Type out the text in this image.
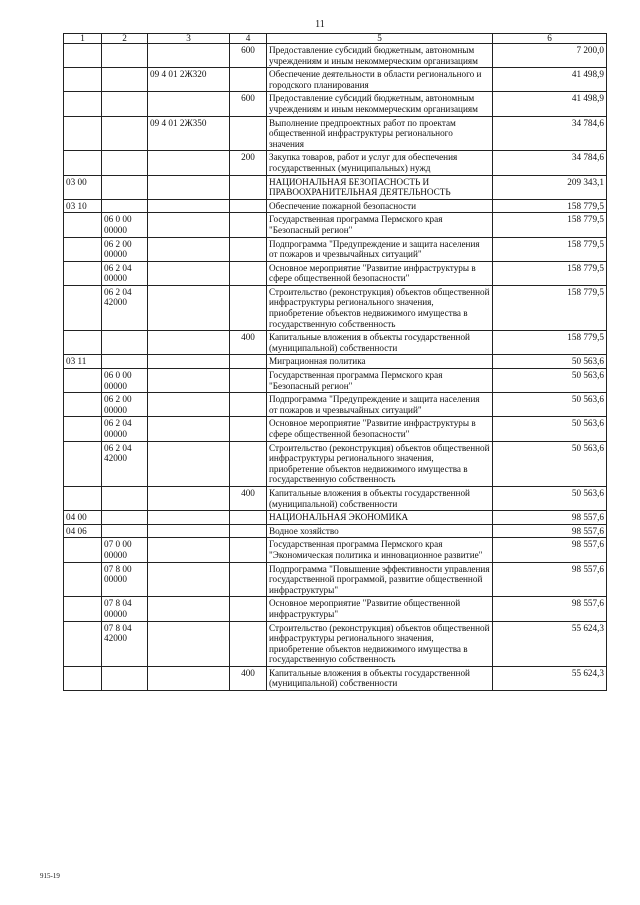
11
1	2	3	4	5	6
			600	Предоставление субсидий бюджетным, автономным учреждениям и иным некоммерческим организациям	7 200,0
		09 4 01 2Ж320		Обеспечение деятельности в области регионального и городского планирования	41 498,9
			600	Предоставление субсидий бюджетным, автономным учреждениям и иным некоммерческим организациям	41 498,9
		09 4 01 2Ж350		Выполнение предпроектных работ по проектам общественной инфраструктуры регионального значения	34 784,6
			200	Закупка товаров, работ и услуг для обеспечения государственных (муниципальных) нужд	34 784,6
03 00				НАЦИОНАЛЬНАЯ БЕЗОПАСНОСТЬ И ПРАВООХРАНИТЕЛЬНАЯ ДЕЯТЕЛЬНОСТЬ	209 343,1
03 10				Обеспечение пожарной безопасности	158 779,5
	06 0 00 00000			Государственная программа Пермского края "Безопасный регион"	158 779,5
	06 2 00 00000			Подпрограмма "Предупреждение и защита населения от пожаров и чрезвычайных ситуаций"	158 779,5
	06 2 04 00000			Основное мероприятие "Развитие инфраструктуры в сфере общественной безопасности"	158 779,5
	06 2 04 42000			Строительство (реконструкция) объектов общественной инфраструктуры регионального значения, приобретение объектов недвижимого имущества в государственную собственность	158 779,5
			400	Капитальные вложения в объекты государственной (муниципальной) собственности	158 779,5
03 11				Миграционная политика	50 563,6
	06 0 00 00000			Государственная программа Пермского края "Безопасный регион"	50 563,6
	06 2 00 00000			Подпрограмма "Предупреждение и защита населения от пожаров и чрезвычайных ситуаций"	50 563,6
	06 2 04 00000			Основное мероприятие "Развитие инфраструктуры в сфере общественной безопасности"	50 563,6
	06 2 04 42000			Строительство (реконструкция) объектов общественной инфраструктуры регионального значения, приобретение объектов недвижимого имущества в государственную собственность	50 563,6
			400	Капитальные вложения в объекты государственной (муниципальной) собственности	50 563,6
04 00				НАЦИОНАЛЬНАЯ ЭКОНОМИКА	98 557,6
04 06				Водное хозяйство	98 557,6
	07 0 00 00000			Государственная программа Пермского края "Экономическая политика и инновационное развитие"	98 557,6
	07 8 00 00000			Подпрограмма "Повышение эффективности управления государственной программой, развитие общественной инфраструктуры"	98 557,6
	07 8 04 00000			Основное мероприятие "Развитие общественной инфраструктуры"	98 557,6
	07 8 04 42000			Строительство (реконструкция) объектов общественной инфраструктуры регионального значения, приобретение объектов недвижимого имущества в государственную собственность	55 624,3
			400	Капитальные вложения в объекты государственной (муниципальной) собственности	55 624,3
915-19
